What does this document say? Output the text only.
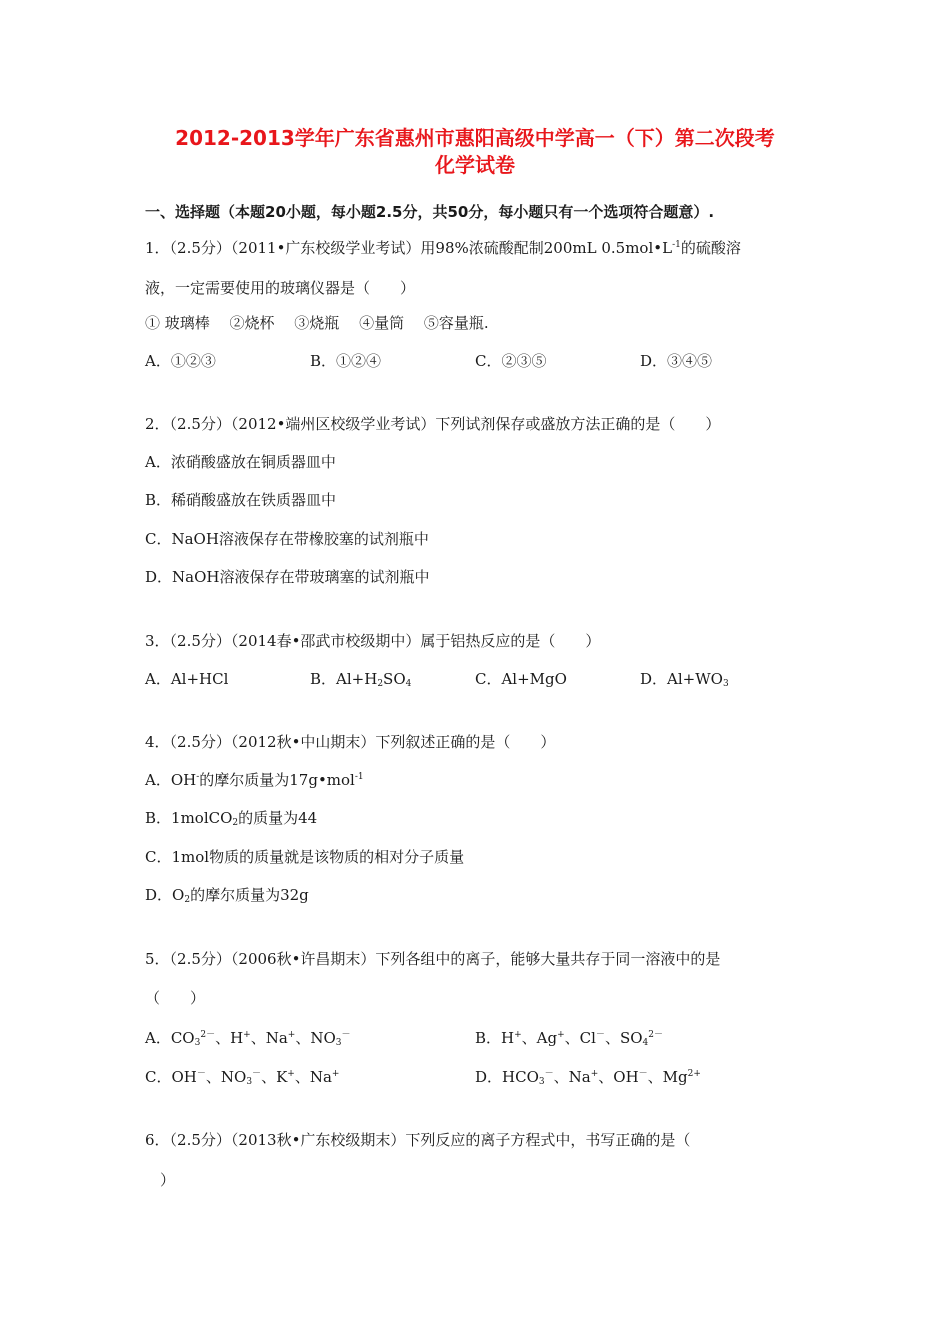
2012-2013学年广东省惠州市惠阳高级中学高一（下）第二次段考
化学试卷
一、选择题（本题20小题，每小题2.5分，共50分，每小题只有一个选项符合题意）.
1．（2.5分）（2011•广东校级学业考试）用98%浓硫酸配制200mL $0.5mol•L^{-1}$的硫酸溶
液，一定需要使用的玻璃仪器是（　　）
① 玻璃棒　 ②烧杯　 ③烧瓶　 ④量筒　 ⑤容量瓶.
A．①②③	B．①②④	C．②③⑤	D．③④⑤
2．（2.5分）（2012•端州区校级学业考试）下列试剂保存或盛放方法正确的是（　　）
A．浓硝酸盛放在铜质器皿中
B．稀硝酸盛放在铁质器皿中
C．NaOH溶液保存在带橡胶塞的试剂瓶中
D．NaOH溶液保存在带玻璃塞的试剂瓶中
3．（2.5分）（2014春•邵武市校级期中）属于铝热反应的是（　　）
A．Al+HCl	B．$Al+H_2SO_4$	C．Al+MgO	D．$Al+WO_3$
4．（2.5分）（2012秋•中山期末）下列叙述正确的是（　　）
A．OH-的摩尔质量为17g•mol$^{-1}$
B．1molCO$_2$的质量为44
C．1mol物质的质量就是该物质的相对分子质量
D．$O_2$的摩尔质量为32g
5．（2.5分）（2006秋•许昌期末）下列各组中的离子，能够大量共存于同一溶液中的是
（　　）
A．$CO_3^{2-}$、H+、Na+、$NO_3^-$	B．H+、Ag+、Cl－、$SO_4^{2-}$
C．OH－、$NO_3^-$、K+、Na+	D．$HCO_3^-$、Na+、OH－、$Mg^{2+}$
6．（2.5分）（2013秋•广东校级期末）下列反应的离子方程式中，书写正确的是（
）
